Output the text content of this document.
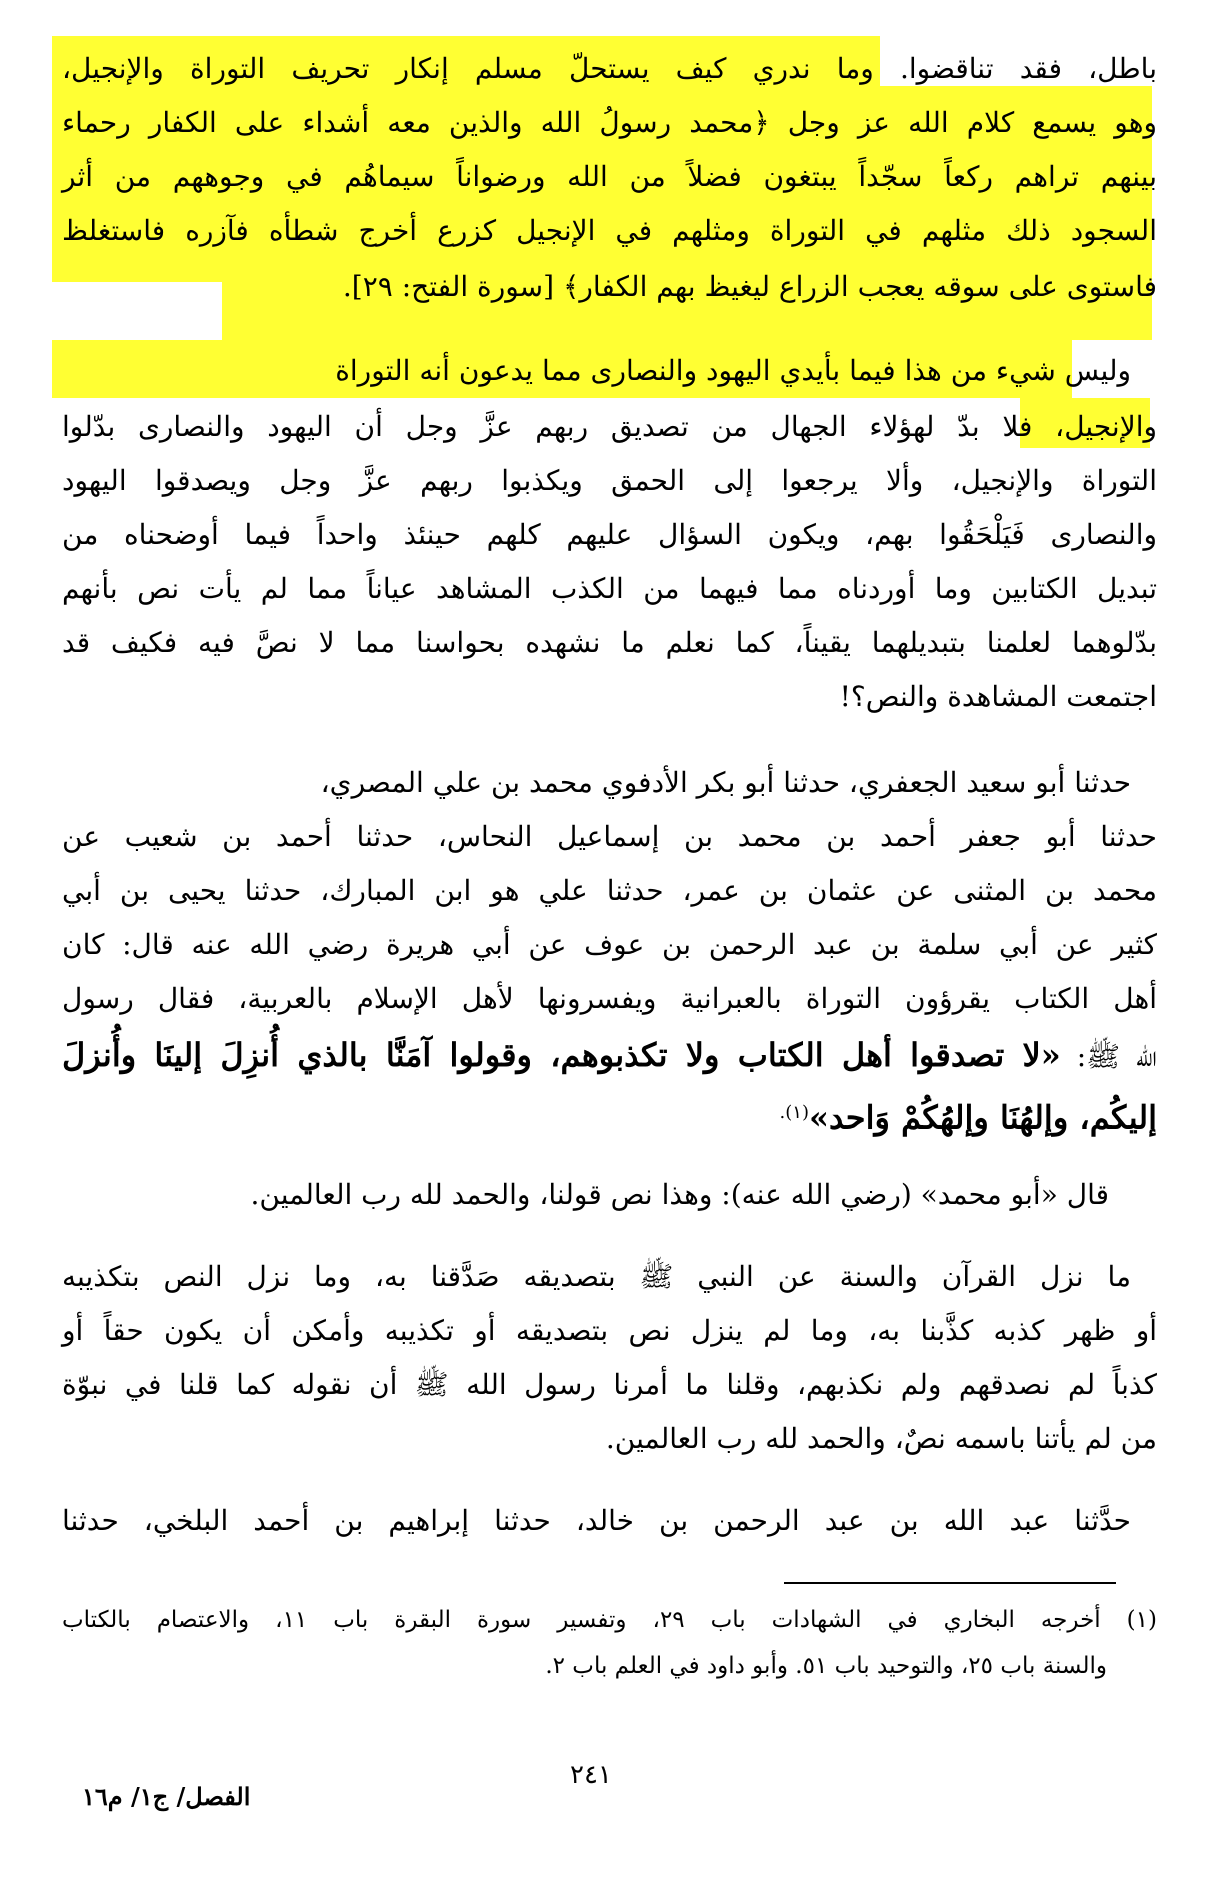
باطل، فقد تناقضوا. وما ندري كيف يستحلّ مسلم إنكار تحريف التوراة والإنجيل،
وهو يسمع كلام الله عز وجل ﴿محمد رسولُ الله والذين معه أشداء على الكفار رحماء
بينهم تراهم ركعاً سجّداً يبتغون فضلاً من الله ورضواناً سيماهُم في وجوههم من أثر
السجود ذلك مثلهم في التوراة ومثلهم في الإنجيل كزرع أخرج شطأه فآزره فاستغلظ
فاستوى على سوقه يعجب الزراع ليغيظ بهم الكفار﴾ [سورة الفتح: ٢٩].
وليس شيء من هذا فيما بأيدي اليهود والنصارى مما يدعون أنه التوراة
والإنجيل، فلا بدّ لهؤلاء الجهال من تصديق ربهم عزَّ وجل أن اليهود والنصارى بدّلوا
التوراة والإنجيل، وألا يرجعوا إلى الحمق ويكذبوا ربهم عزَّ وجل ويصدقوا اليهود
والنصارى فَيَلْحَقُوا بهم، ويكون السؤال عليهم كلهم حينئذ واحداً فيما أوضحناه من
تبديل الكتابين وما أوردناه مما فيهما من الكذب المشاهد عياناً مما لم يأت نص بأنهم
بدّلوهما لعلمنا بتبديلهما يقيناً، كما نعلم ما نشهده بحواسنا مما لا نصَّ فيه فكيف قد
اجتمعت المشاهدة والنص؟!
حدثنا أبو سعيد الجعفري، حدثنا أبو بكر الأدفوي محمد بن علي المصري،
حدثنا أبو جعفر أحمد بن محمد بن إسماعيل النحاس، حدثنا أحمد بن شعيب عن
محمد بن المثنى عن عثمان بن عمر، حدثنا علي هو ابن المبارك، حدثنا يحيى بن أبي
كثير عن أبي سلمة بن عبد الرحمن بن عوف عن أبي هريرة رضي الله عنه قال: كان
أهل الكتاب يقرؤون التوراة بالعبرانية ويفسرونها لأهل الإسلام بالعربية، فقال رسول
الله ﷺ: «لا تصدقوا أهل الكتاب ولا تكذبوهم، وقولوا آمَنَّا بالذي أُنزِلَ إلينَا وأُنزلَ
إليكُم، وإلهُنَا وإلهُكُمْ وَاحد»$^{(١).}$
قال «أبو محمد» (رضي الله عنه): وهذا نص قولنا، والحمد لله رب العالمين.
ما نزل القرآن والسنة عن النبي ﷺ بتصديقه صَدَّقنا به، وما نزل النص بتكذيبه
أو ظهر كذبه كذَّبنا به، وما لم ينزل نص بتصديقه أو تكذيبه وأمكن أن يكون حقاً أو
كذباً لم نصدقهم ولم نكذبهم، وقلنا ما أمرنا رسول الله ﷺ أن نقوله كما قلنا في نبوّة
من لم يأتنا باسمه نصٌ، والحمد لله رب العالمين.
حدَّثنا عبد الله بن عبد الرحمن بن خالد، حدثنا إبراهيم بن أحمد البلخي، حدثنا
(١) أخرجه البخاري في الشهادات باب ٢٩، وتفسير سورة البقرة باب ١١، والاعتصام بالكتاب
والسنة باب ٢٥، والتوحيد باب ٥١. وأبو داود في العلم باب ٢.
٢٤١
الفصل/ ج١/ م١٦
